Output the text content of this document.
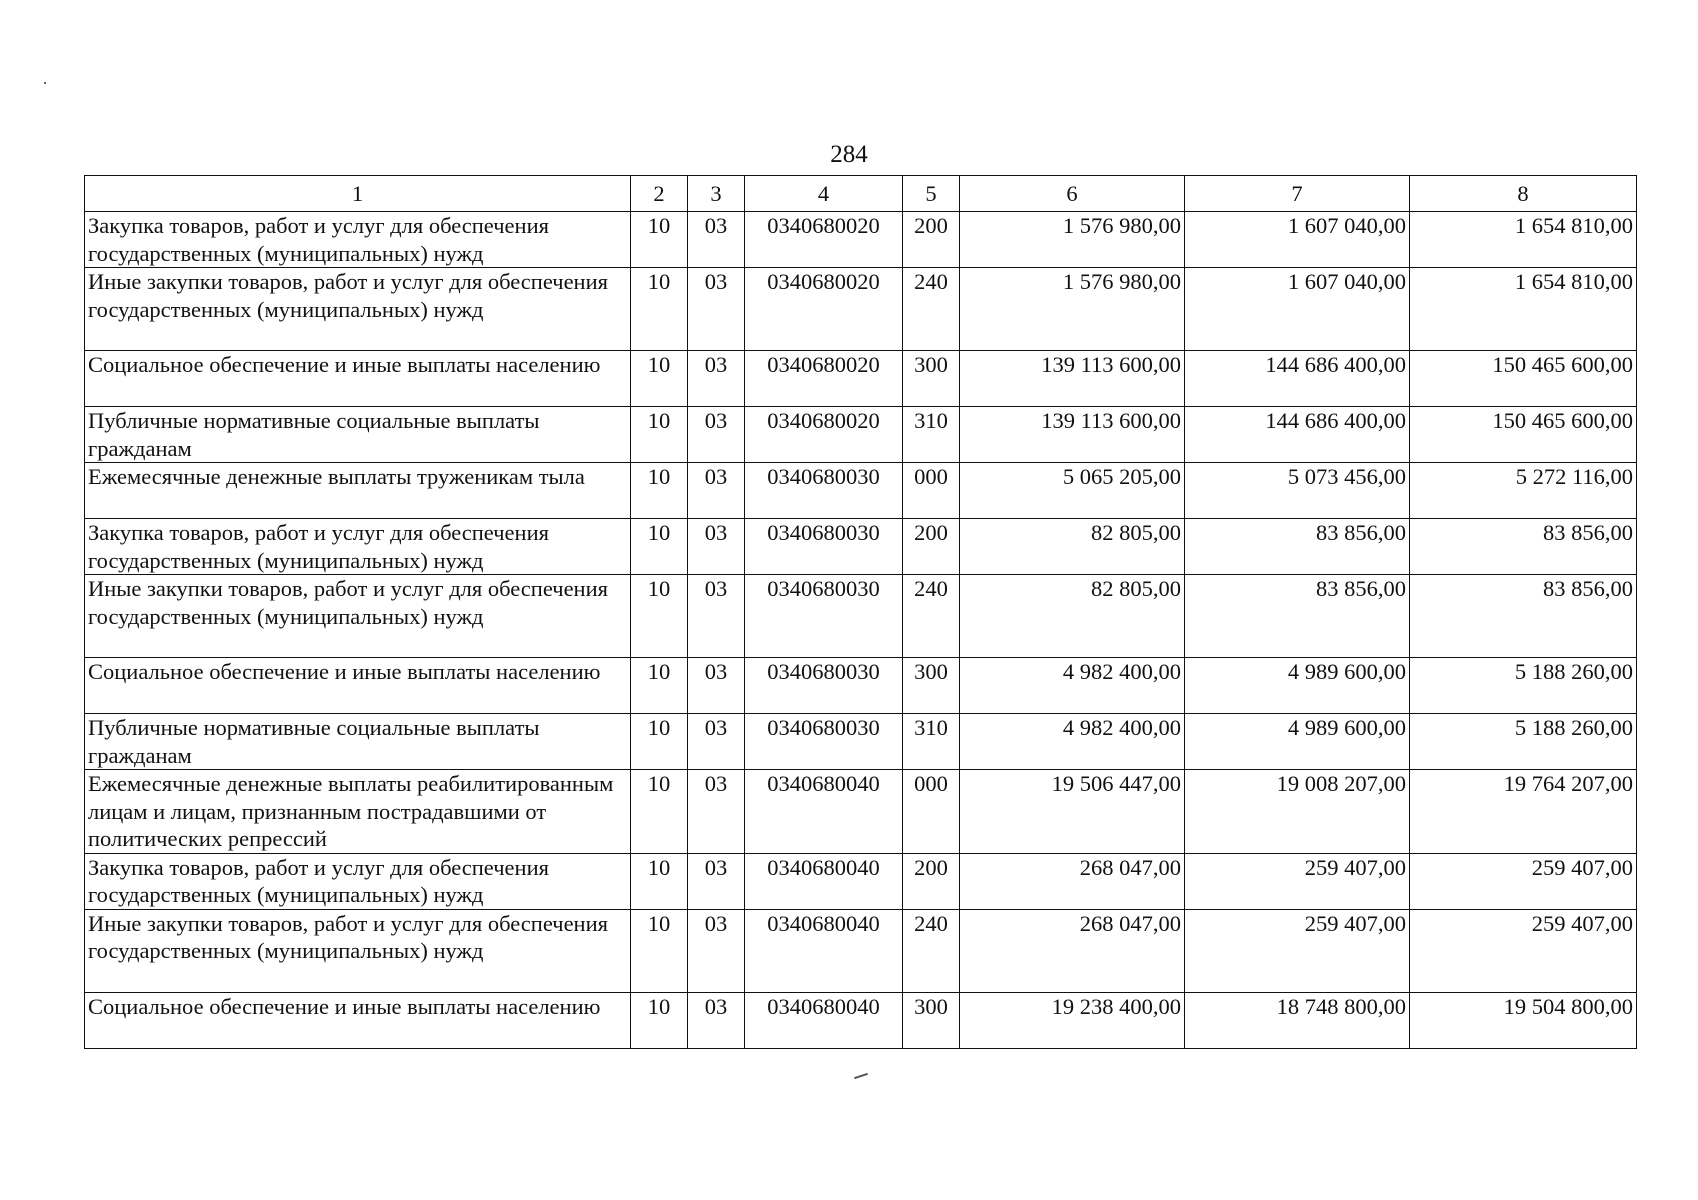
284
1	2	3	4	5	6	7	8
Закупка товаров, работ и услуг для обеспечения государственных (муниципальных) нужд	10	03	0340680020	200	1 576 980,00	1 607 040,00	1 654 810,00
Иные закупки товаров, работ и услуг для обеспечения государственных (муниципальных) нужд	10	03	0340680020	240	1 576 980,00	1 607 040,00	1 654 810,00
Социальное обеспечение и иные выплаты населению	10	03	0340680020	300	139 113 600,00	144 686 400,00	150 465 600,00
Публичные нормативные социальные выплаты гражданам	10	03	0340680020	310	139 113 600,00	144 686 400,00	150 465 600,00
Ежемесячные денежные выплаты труженикам тыла	10	03	0340680030	000	5 065 205,00	5 073 456,00	5 272 116,00
Закупка товаров, работ и услуг для обеспечения государственных (муниципальных) нужд	10	03	0340680030	200	82 805,00	83 856,00	83 856,00
Иные закупки товаров, работ и услуг для обеспечения государственных (муниципальных) нужд	10	03	0340680030	240	82 805,00	83 856,00	83 856,00
Социальное обеспечение и иные выплаты населению	10	03	0340680030	300	4 982 400,00	4 989 600,00	5 188 260,00
Публичные нормативные социальные выплаты гражданам	10	03	0340680030	310	4 982 400,00	4 989 600,00	5 188 260,00
Ежемесячные денежные выплаты реабилитированным лицам и лицам, признанным пострадавшими от политических репрессий	10	03	0340680040	000	19 506 447,00	19 008 207,00	19 764 207,00
Закупка товаров, работ и услуг для обеспечения государственных (муниципальных) нужд	10	03	0340680040	200	268 047,00	259 407,00	259 407,00
Иные закупки товаров, работ и услуг для обеспечения государственных (муниципальных) нужд	10	03	0340680040	240	268 047,00	259 407,00	259 407,00
Социальное обеспечение и иные выплаты населению	10	03	0340680040	300	19 238 400,00	18 748 800,00	19 504 800,00
